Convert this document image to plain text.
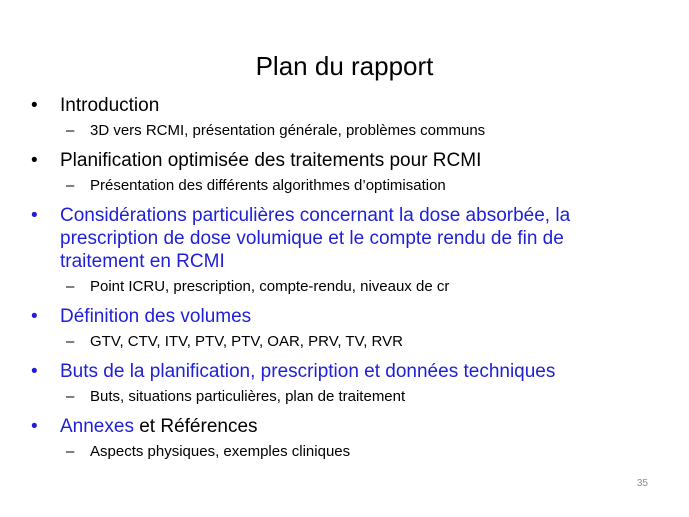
Plan du rapport
• Introduction
– 3D vers RCMI, présentation générale, problèmes communs
• Planification optimisée des traitements pour RCMI
– Présentation des différents algorithmes d’optimisation
• Considérations particulières concernant la dose absorbée, la prescription de dose volumique et le compte rendu de fin de traitement en RCMI
– Point ICRU, prescription, compte-rendu, niveaux de cr
• Définition des volumes
– GTV, CTV, ITV, PTV, PTV, OAR, PRV, TV, RVR
• Buts de la planification, prescription et données techniques
– Buts, situations particulières, plan de traitement
• Annexes et Références
– Aspects physiques, exemples cliniques
35
